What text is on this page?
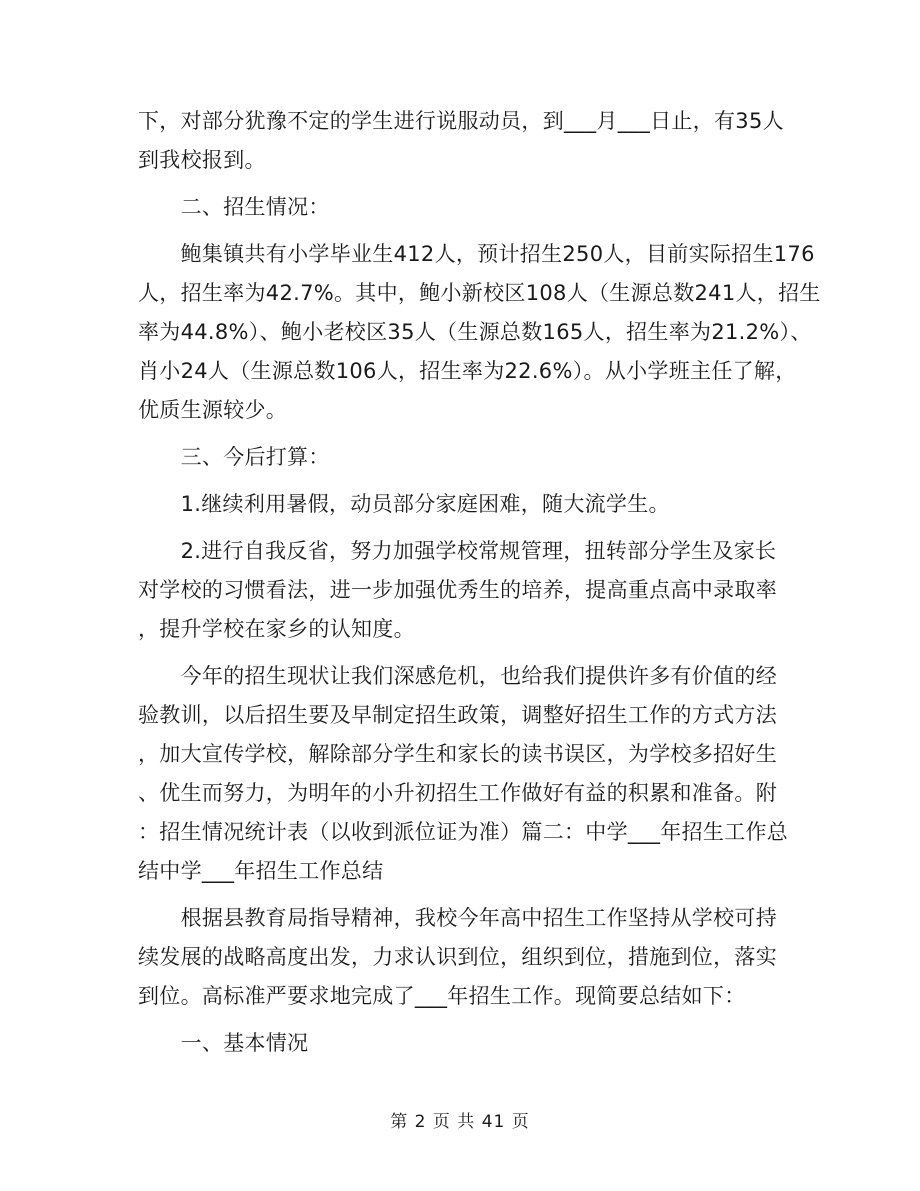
下，对部分犹豫不定的学生进行说服动员，到___月___日止，有35人
到我校报到。
　　二、招生情况：
　　鲍集镇共有小学毕业生412人，预计招生250人，目前实际招生176
人，招生率为42.7%。其中，鲍小新校区108人（生源总数241人，招生
率为44.8%）、鲍小老校区35人（生源总数165人，招生率为21.2%）、
肖小24人（生源总数106人，招生率为22.6%）。从小学班主任了解，
优质生源较少。
　　三、今后打算：
　　1.继续利用暑假，动员部分家庭困难，随大流学生。
　　2.进行自我反省，努力加强学校常规管理，扭转部分学生及家长
对学校的习惯看法，进一步加强优秀生的培养，提高重点高中录取率
，提升学校在家乡的认知度。
　　今年的招生现状让我们深感危机，也给我们提供许多有价值的经
验教训，以后招生要及早制定招生政策，调整好招生工作的方式方法
，加大宣传学校，解除部分学生和家长的读书误区，为学校多招好生
、优生而努力，为明年的小升初招生工作做好有益的积累和准备。附
：招生情况统计表（以收到派位证为准）篇二：中学___年招生工作总
结中学___年招生工作总结
　　根据县教育局指导精神，我校今年高中招生工作坚持从学校可持
续发展的战略高度出发，力求认识到位，组织到位，措施到位，落实
到位。高标准严要求地完成了___年招生工作。现简要总结如下：
　　一、基本情况
第 2 页 共 41 页
